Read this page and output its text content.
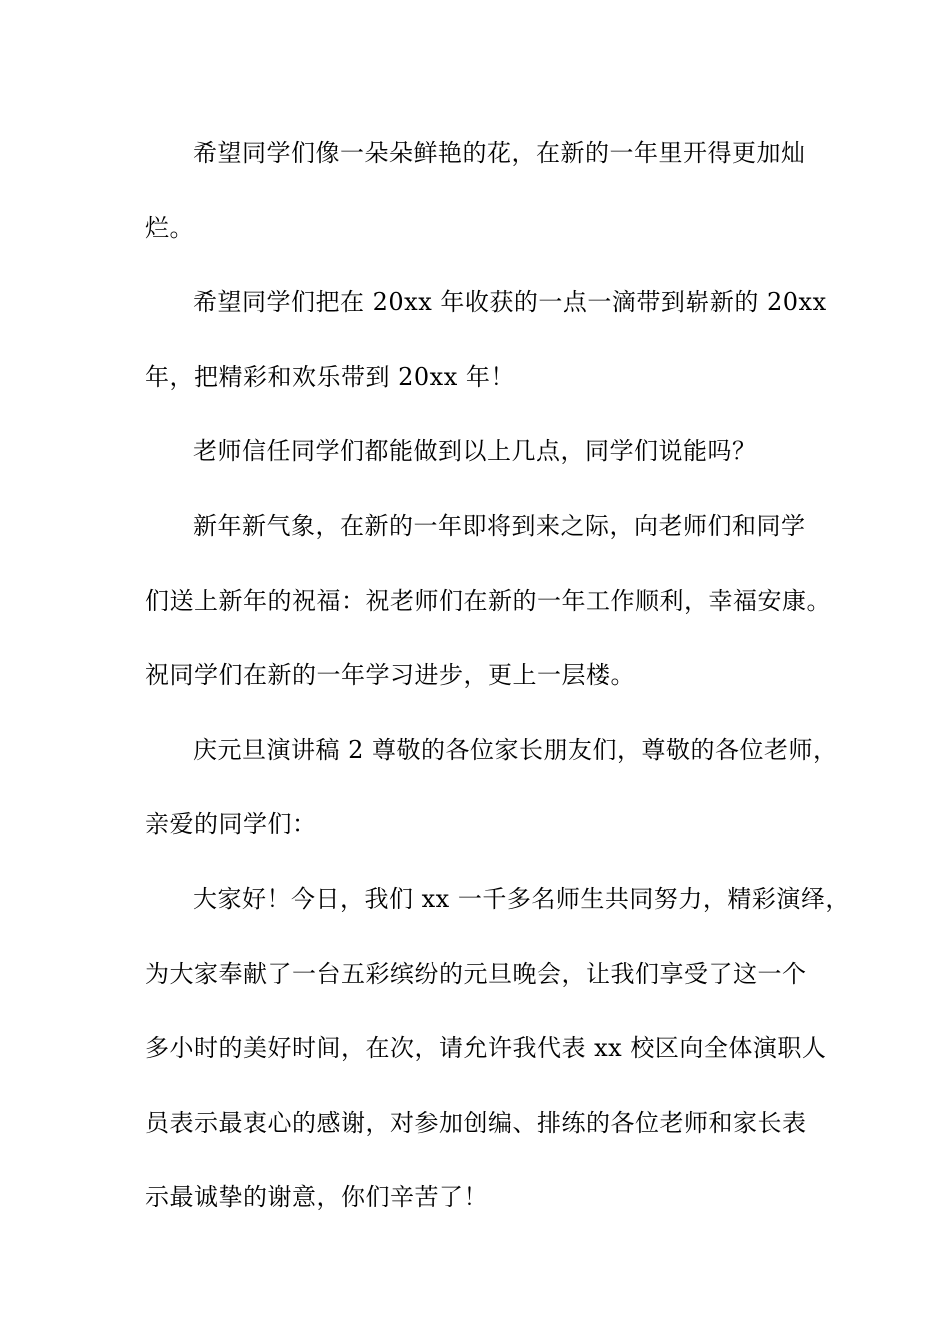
希望同学们像一朵朵鲜艳的花，在新的一年里开得更加灿
烂。
希望同学们把在 20xx 年收获的一点一滴带到崭新的 20xx
年，把精彩和欢乐带到 20xx 年！
老师信任同学们都能做到以上几点，同学们说能吗？
新年新气象，在新的一年即将到来之际，向老师们和同学
们送上新年的祝福：祝老师们在新的一年工作顺利，幸福安康。
祝同学们在新的一年学习进步，更上一层楼。
庆元旦演讲稿 2 尊敬的各位家长朋友们，尊敬的各位老师，
亲爱的同学们：
大家好！今日，我们 xx 一千多名师生共同努力，精彩演绎，
为大家奉献了一台五彩缤纷的元旦晚会，让我们享受了这一个
多小时的美好时间，在次，请允许我代表 xx 校区向全体演职人
员表示最衷心的感谢，对参加创编、排练的各位老师和家长表
示最诚挚的谢意，你们辛苦了！
